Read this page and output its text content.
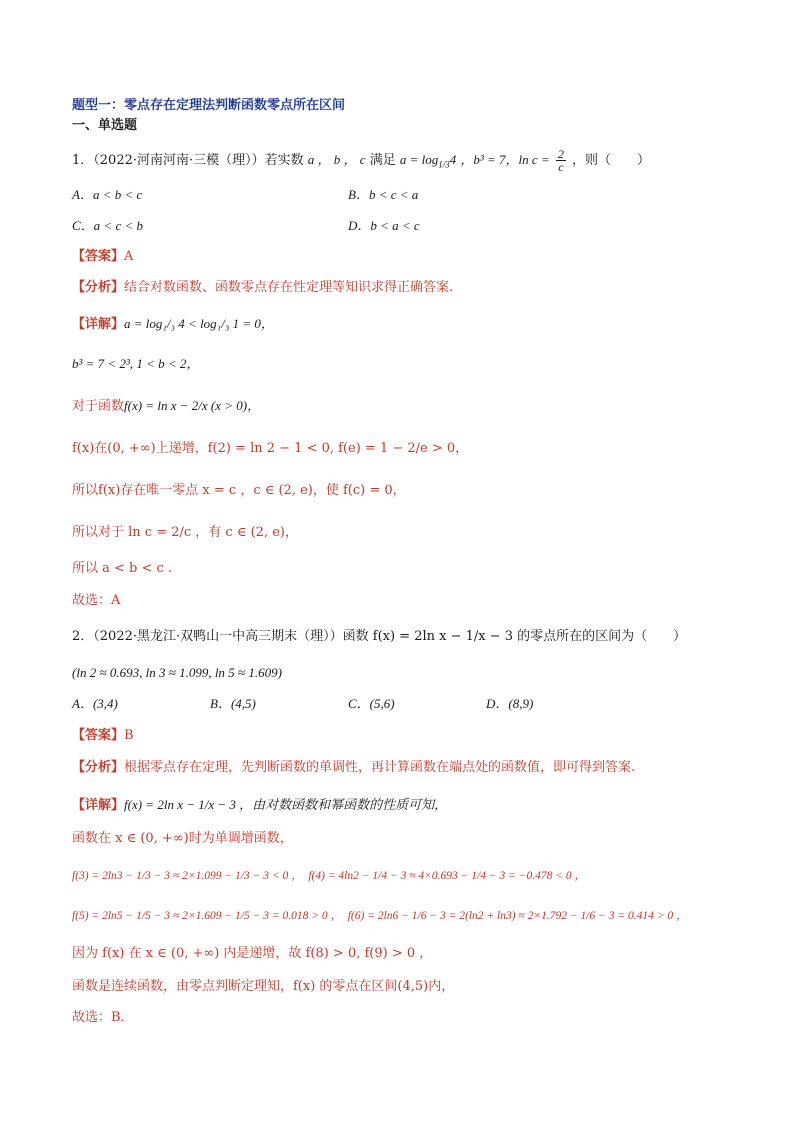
题型一：零点存在定理法判断函数零点所在区间
一、单选题
1．（2022·河南河南·三模（理））若实数 a ， b ， c 满足 $a = \log_{1/3}4$ ，b³ = 7，$\ln c = \frac{2}{c}$ ，则（　　）
A．a < b < c	B．b < c < a
C．a < c < b	D．b < a < c
【答案】A
【分析】结合对数函数、函数零点存在性定理等知识求得正确答案.
【详解】a = log₁/₃ 4 < log₁/₃ 1 = 0，
b³ = 7 < 2³, 1 < b < 2，
对于函数f(x) = ln x − 2/x (x > 0)，
f(x)在(0, +∞)上递增，f(2) = ln 2 − 1 < 0, f(e) = 1 − 2/e > 0，
所以f(x)存在唯一零点 x = c ，c ∈ (2, e)，使 f(c) = 0，
所以对于 ln c = 2/c ，有 c ∈ (2, e)，
所以 a < b < c .
故选：A
2．（2022·黑龙江·双鸭山一中高三期末（理））函数 f(x) = 2ln x − 1/x − 3 的零点所在的区间为（　　）
(ln 2 ≈ 0.693, ln 3 ≈ 1.099, ln 5 ≈ 1.609)
A．(3,4)	B．(4,5)	C．(5,6)	D．(8,9)
【答案】B
【分析】根据零点存在定理，先判断函数的单调性，再计算函数在端点处的函数值，即可得到答案.
【详解】f(x) = 2ln x − 1/x − 3 ，由对数函数和幂函数的性质可知，
函数在 x ∈ (0, +∞)时为单调增函数，
f(3) = 2ln3 − 1/3 − 3 ≈ 2×1.099 − 1/3 − 3 < 0 ，　f(4) = 4ln2 − 1/4 − 3 ≈ 4×0.693 − 1/4 − 3 = −0.478 < 0 ，
f(5) = 2ln5 − 1/5 − 3 ≈ 2×1.609 − 1/5 − 3 = 0.018 > 0 ，　f(6) = 2ln6 − 1/6 − 3 = 2(ln2 + ln3) ≈ 2×1.792 − 1/6 − 3 = 0.414 > 0 ，
因为 f(x) 在 x ∈ (0, +∞) 内是递增，故 f(8) > 0, f(9) > 0 ，
函数是连续函数，由零点判断定理知，f(x) 的零点在区间(4,5)内，
故选：B．
